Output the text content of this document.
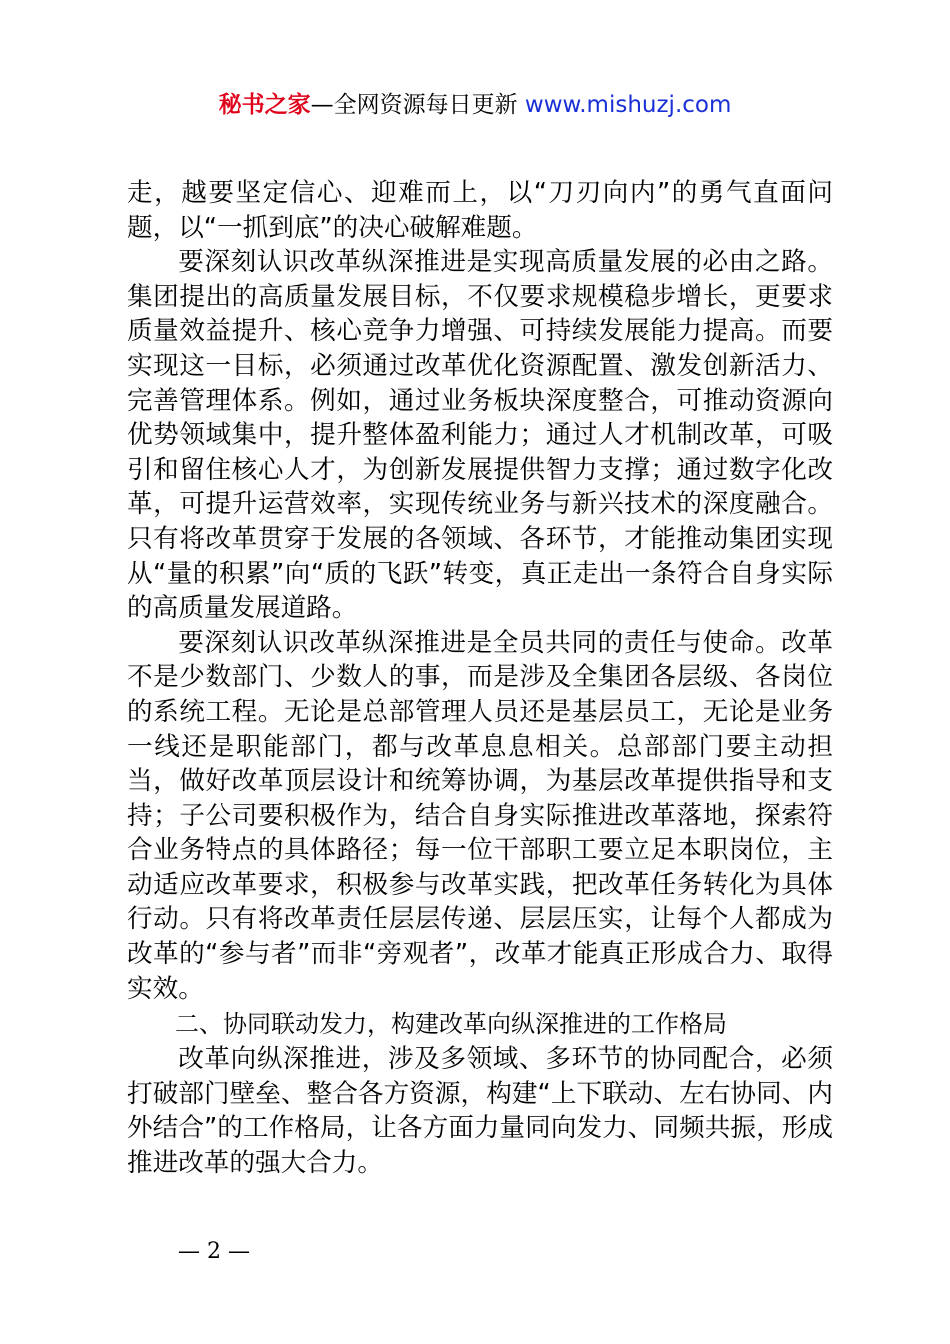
秘书之家—全网资源每日更新 www.mishuzj.com

走，越要坚定信心、迎难而上，以“刀刃向内”的勇气直面问题，以“一抓到底”的决心破解难题。

要深刻认识改革纵深推进是实现高质量发展的必由之路。集团提出的高质量发展目标，不仅要求规模稳步增长，更要求质量效益提升、核心竞争力增强、可持续发展能力提高。而要实现这一目标，必须通过改革优化资源配置、激发创新活力、完善管理体系。例如，通过业务板块深度整合，可推动资源向优势领域集中，提升整体盈利能力；通过人才机制改革，可吸引和留住核心人才，为创新发展提供智力支撑；通过数字化改革，可提升运营效率，实现传统业务与新兴技术的深度融合。只有将改革贯穿于发展的各领域、各环节，才能推动集团实现从“量的积累”向“质的飞跃”转变，真正走出一条符合自身实际的高质量发展道路。

要深刻认识改革纵深推进是全员共同的责任与使命。改革不是少数部门、少数人的事，而是涉及全集团各层级、各岗位的系统工程。无论是总部管理人员还是基层员工，无论是业务一线还是职能部门，都与改革息息相关。总部部门要主动担当，做好改革顶层设计和统筹协调，为基层改革提供指导和支持；子公司要积极作为，结合自身实际推进改革落地，探索符合业务特点的具体路径；每一位干部职工要立足本职岗位，主动适应改革要求，积极参与改革实践，把改革任务转化为具体行动。只有将改革责任层层传递、层层压实，让每个人都成为改革的“参与者”而非“旁观者”，改革才能真正形成合力、取得实效。

二、协同联动发力，构建改革向纵深推进的工作格局

改革向纵深推进，涉及多领域、多环节的协同配合，必须打破部门壁垒、整合各方资源，构建“上下联动、左右协同、内外结合”的工作格局，让各方面力量同向发力、同频共振，形成推进改革的强大合力。

— 2 —
